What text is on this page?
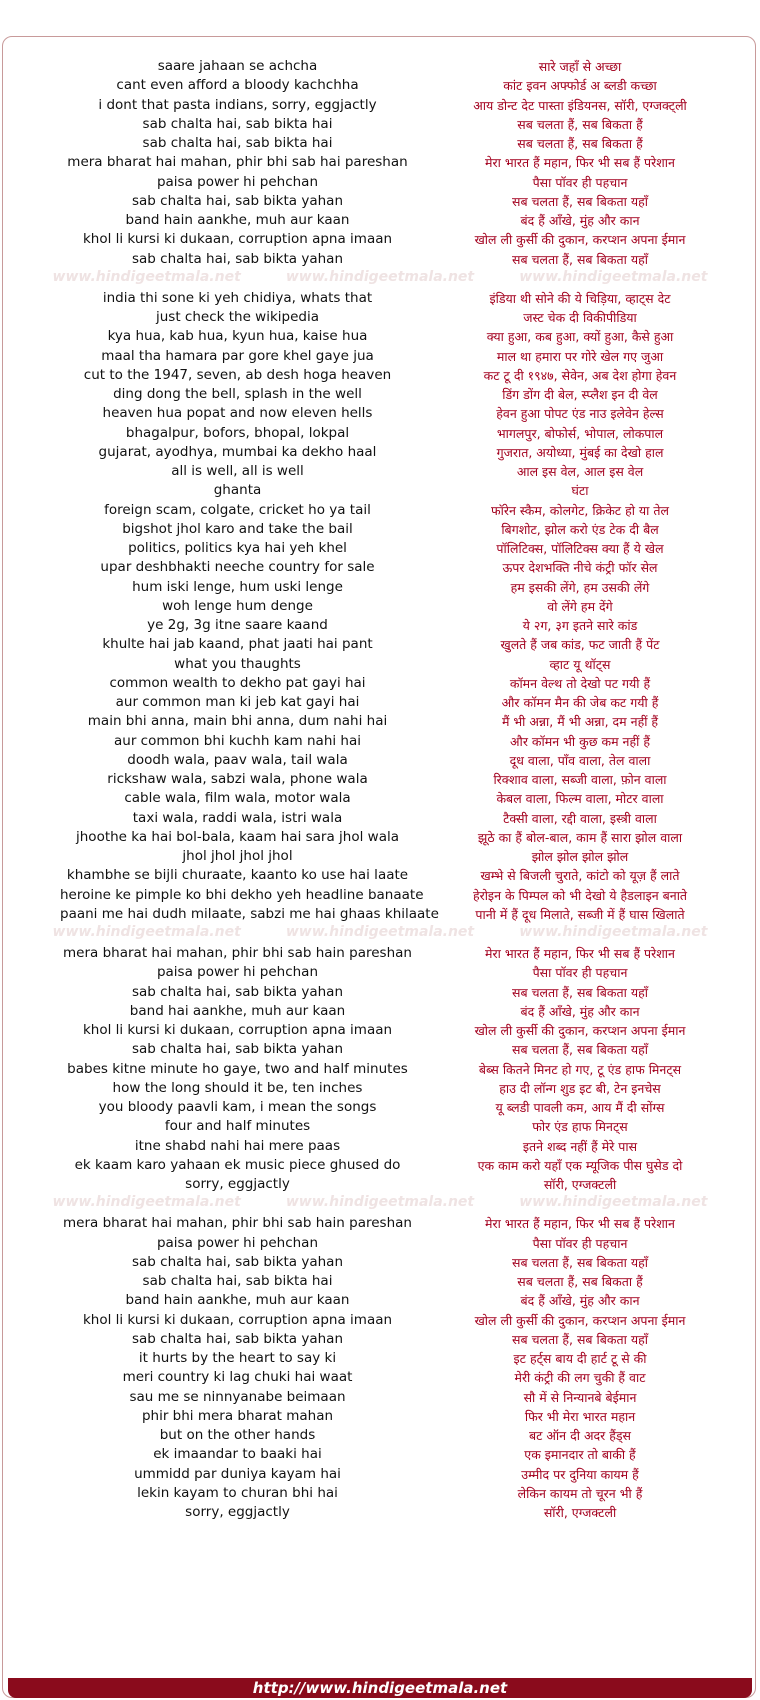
saare jahaan se achcha	सारे जहाँ से अच्छा
cant even afford a bloody kachchha	कांट इवन अफ्फोर्ड अ ब्लडी कच्छा
i dont that pasta indians, sorry, eggjactly	आय डोन्ट देट पास्ता इंडियनस, सॉरी, एग्जक्ट्ली
sab chalta hai, sab bikta hai	सब चलता हैं, सब बिकता हैं
sab chalta hai, sab bikta hai	सब चलता हैं, सब बिकता हैं
mera bharat hai mahan, phir bhi sab hai pareshan	मेरा भारत हैं महान, फिर भी सब हैं परेशान
paisa power hi pehchan	पैसा पॉवर ही पहचान
sab chalta hai, sab bikta yahan	सब चलता हैं, सब बिकता यहाँ
band hain aankhe, muh aur kaan	बंद हैं आँखे, मुंह और कान
khol li kursi ki dukaan, corruption apna imaan	खोल ली कुर्सी की दुकान, करप्शन अपना ईमान
sab chalta hai, sab bikta yahan	सब चलता हैं, सब बिकता यहाँ
www.hindigeetmala.net	www.hindigeetmala.net	www.hindigeetmala.net
india thi sone ki yeh chidiya, whats that	इंडिया थी सोने की ये चिड़िया, व्हाट्स देट
just check the wikipedia	जस्ट चेक दी विकीपीडिया
kya hua, kab hua, kyun hua, kaise hua	क्या हुआ, कब हुआ, क्यों हुआ, कैसे हुआ
maal tha hamara par gore khel gaye jua	माल था हमारा पर गोरे खेल गए जुआ
cut to the 1947, seven, ab desh hoga heaven	कट टू दी १९४७, सेवेन, अब देश होगा हेवन
ding dong the bell, splash in the well	डिंग डोंग दी बेल, स्प्लैश इन दी वेल
heaven hua popat and now eleven hells	हेवन हुआ पोपट एंड नाउ इलेवेन हेल्स
bhagalpur, bofors, bhopal, lokpal	भागलपुर, बोफोर्स, भोपाल, लोकपाल
gujarat, ayodhya, mumbai ka dekho haal	गुजरात, अयोध्या, मुंबई का देखो हाल
all is well, all is well	आल इस वेल, आल इस वेल
ghanta	घंटा
foreign scam, colgate, cricket ho ya tail	फॉरेन स्कैम, कोलगेट, क्रिकेट हो या तेल
bigshot jhol karo and take the bail	बिगशोट, झोल करो एंड टेक दी बैल
politics, politics kya hai yeh khel	पॉलिटिक्स, पॉलिटिक्स क्या हैं ये खेल
upar deshbhakti neeche country for sale	ऊपर देशभक्ति नीचे कंट्री फॉर सेल
hum iski lenge, hum uski lenge	हम इसकी लेंगे, हम उसकी लेंगे
woh lenge hum denge	वो लेंगे हम देंगे
ye 2g, 3g itne saare kaand	ये २ग, ३ग इतने सारे कांड
khulte hai jab kaand, phat jaati hai pant	खुलते हैं जब कांड, फट जाती हैं पेंट
what you thaughts	व्हाट यू थॉट्स
common wealth to dekho pat gayi hai	कॉमन वेल्थ तो देखो पट गयी हैं
aur common man ki jeb kat gayi hai	और कॉमन मैन की जेब कट गयी हैं
main bhi anna, main bhi anna, dum nahi hai	मैं भी अन्ना, मैं भी अन्ना, दम नहीं हैं
aur common bhi kuchh kam nahi hai	और कॉमन भी कुछ कम नहीं हैं
doodh wala, paav wala, tail wala	दूध वाला, पाँव वाला, तेल वाला
rickshaw wala, sabzi wala, phone wala	रिक्शाव वाला, सब्जी वाला, फ़ोन वाला
cable wala, film wala, motor wala	केबल वाला, फिल्म वाला, मोटर वाला
taxi wala, raddi wala, istri wala	टैक्सी वाला, रद्दी वाला, इस्त्री वाला
jhoothe ka hai bol-bala, kaam hai sara jhol wala	झूठे का हैं बोल-बाल, काम हैं सारा झोल वाला
jhol jhol jhol jhol	झोल झोल झोल झोल
khambhe se bijli churaate, kaanto ko use hai laate	खम्भे से बिजली चुराते, कांटो को यूज़ हैं लाते
heroine ke pimple ko bhi dekho yeh headline banaate	हेरोइन के पिम्पल को भी देखो ये हैडलाइन बनाते
paani me hai dudh milaate, sabzi me hai ghaas khilaate	पानी में हैं दूध मिलाते, सब्जी में हैं घास खिलाते
www.hindigeetmala.net	www.hindigeetmala.net	www.hindigeetmala.net
mera bharat hai mahan, phir bhi sab hain pareshan	मेरा भारत हैं महान, फिर भी सब हैं परेशान
paisa power hi pehchan	पैसा पॉवर ही पहचान
sab chalta hai, sab bikta yahan	सब चलता हैं, सब बिकता यहाँ
band hai aankhe, muh aur kaan	बंद हैं आँखे, मुंह और कान
khol li kursi ki dukaan, corruption apna imaan	खोल ली कुर्सी की दुकान, करप्शन अपना ईमान
sab chalta hai, sab bikta yahan	सब चलता हैं, सब बिकता यहाँ
babes kitne minute ho gaye, two and half minutes	बेब्स कितने मिनट हो गए, टू एंड हाफ मिनट्स
how the long should it be, ten inches	हाउ दी लॉन्ग शुड इट बी, टेन इनचेस
you bloody paavli kam, i mean the songs	यू ब्लडी पावली कम, आय मैं दी सोंग्स
four and half minutes	फोर एंड हाफ मिनट्स
itne shabd nahi hai mere paas	इतने शब्द नहीं हैं मेरे पास
ek kaam karo yahaan ek music piece ghused do	एक काम करो यहाँ एक म्यूजिक पीस घुसेड दो
sorry, eggjactly	सॉरी, एग्जक्टली
www.hindigeetmala.net	www.hindigeetmala.net	www.hindigeetmala.net
mera bharat hai mahan, phir bhi sab hain pareshan	मेरा भारत हैं महान, फिर भी सब हैं परेशान
paisa power hi pehchan	पैसा पॉवर ही पहचान
sab chalta hai, sab bikta yahan	सब चलता हैं, सब बिकता यहाँ
sab chalta hai, sab bikta hai	सब चलता हैं, सब बिकता हैं
band hain aankhe, muh aur kaan	बंद हैं आँखे, मुंह और कान
khol li kursi ki dukaan, corruption apna imaan	खोल ली कुर्सी की दुकान, करप्शन अपना ईमान
sab chalta hai, sab bikta yahan	सब चलता हैं, सब बिकता यहाँ
it hurts by the heart to say ki	इट हर्ट्स बाय दी हार्ट टू से की
meri country ki lag chuki hai waat	मेरी कंट्री की लग चुकी हैं वाट
sau me se ninnyanabe beimaan	सौ में से निन्यानबे बेईमान
phir bhi mera bharat mahan	फिर भी मेरा भारत महान
but on the other hands	बट ऑन दी अदर हैंड्स
ek imaandar to baaki hai	एक इमानदार तो बाकी हैं
ummidd par duniya kayam hai	उम्मीद पर दुनिया कायम हैं
lekin kayam to churan bhi hai	लेकिन कायम तो चूरन भी हैं
sorry, eggjactly	सॉरी, एग्जक्टली
http://www.hindigeetmala.net
